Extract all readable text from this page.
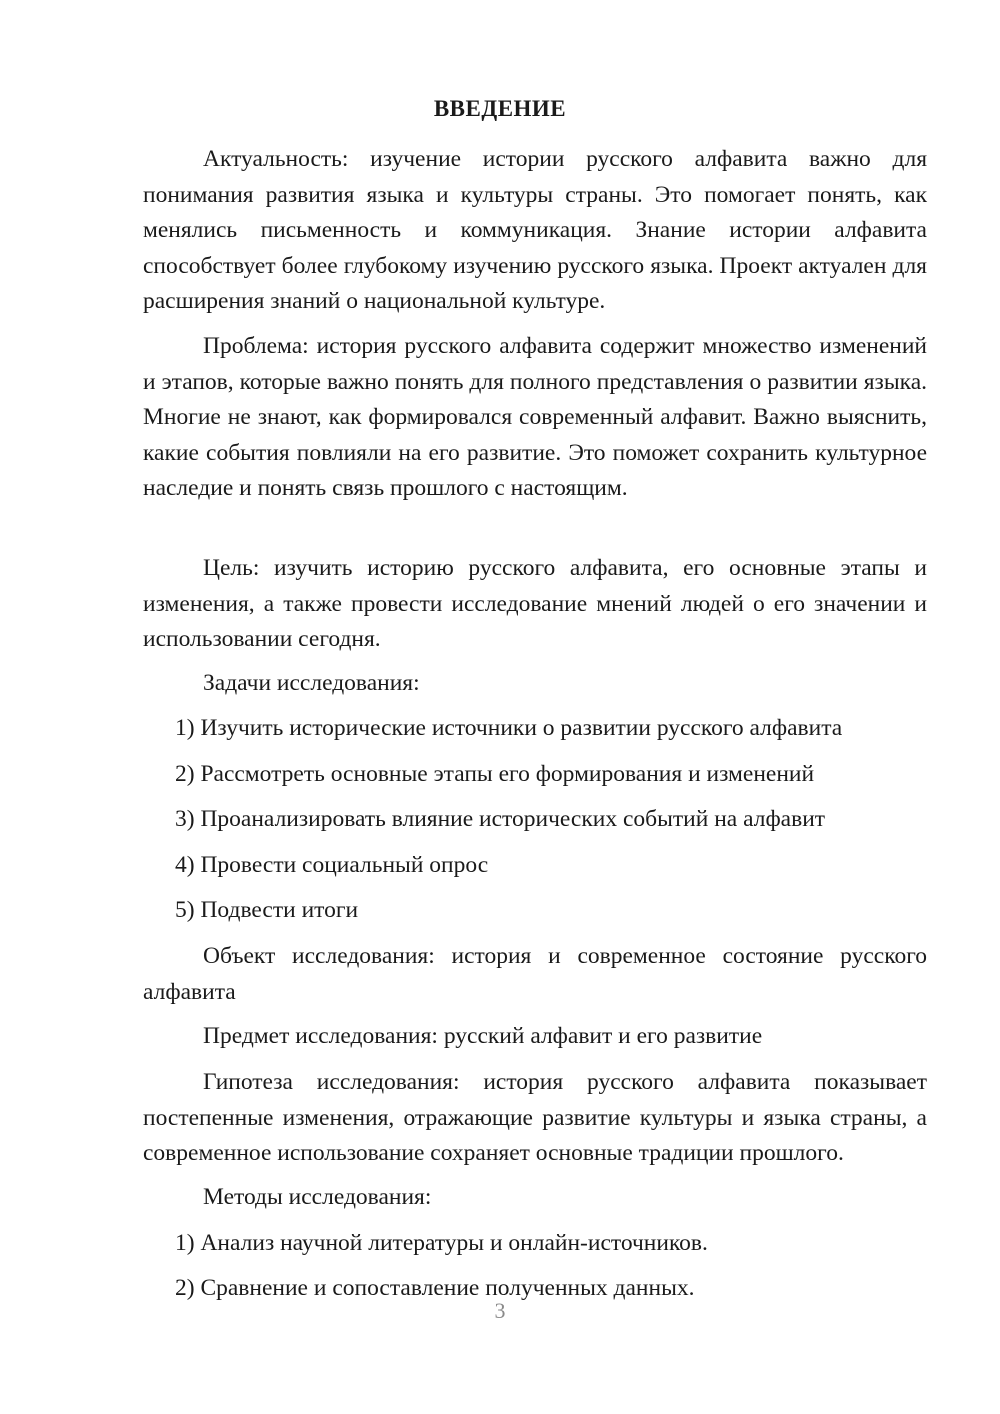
ВВЕДЕНИЕ

Актуальность: изучение истории русского алфавита важно для понимания развития языка и культуры страны. Это помогает понять, как менялись письменность и коммуникация. Знание истории алфавита способствует более глубокому изучению русского языка. Проект актуален для расширения знаний о национальной культуре.

Проблема: история русского алфавита содержит множество изменений и этапов, которые важно понять для полного представления о развитии языка. Многие не знают, как формировался современный алфавит. Важно выяснить, какие события повлияли на его развитие. Это поможет сохранить культурное наследие и понять связь прошлого с настоящим.

Цель: изучить историю русского алфавита, его основные этапы и изменения, а также провести исследование мнений людей о его значении и использовании сегодня.

Задачи исследования:

1) Изучить исторические источники о развитии русского алфавита

2) Рассмотреть основные этапы его формирования и изменений

3) Проанализировать влияние исторических событий на алфавит

4) Провести социальный опрос

5) Подвести итоги

Объект исследования: история и современное состояние русского алфавита

Предмет исследования: русский алфавит и его развитие

Гипотеза исследования: история русского алфавита показывает постепенные изменения, отражающие развитие культуры и языка страны, а современное использование сохраняет основные традиции прошлого.

Методы исследования:

1) Анализ научной литературы и онлайн-источников.

2) Сравнение и сопоставление полученных данных.

3
